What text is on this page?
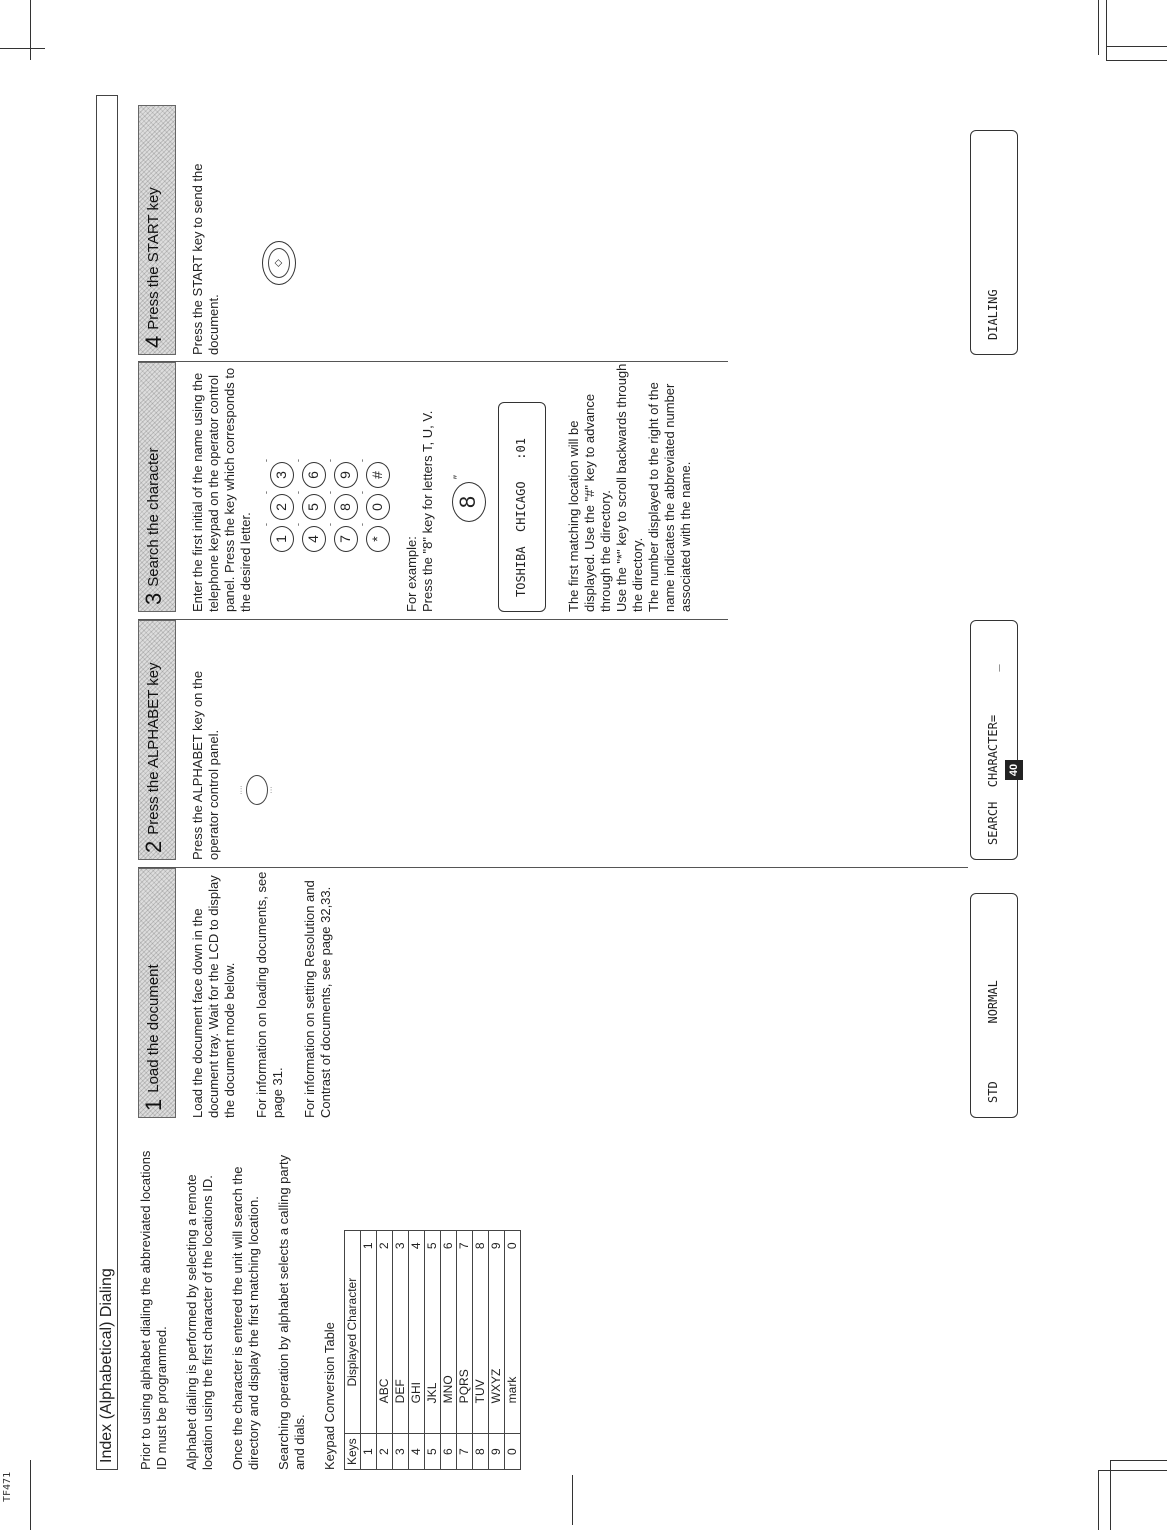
TF471
Index (Alphabetical) Dialing Prior to using alphabet dialing the abbreviated locations ID must be programmed. Alphabet dialing is performed by selecting a remote location using the first character of the locations ID. Once the character is entered the unit will search the directory and display the first matching location. Searching operation by alphabet selects a calling party and dials. Keypad Conversion Table Keys	Displayed Character	
1		1
2	ABC	2
3	DEF	3
4	GHI	4
5	JKL	5
6	MNO	6
7	PQRS	7
8	TUV	8
9	WXYZ	9
0	mark	0
1
Load the document Load the document face down in the document tray. Wait for the LCD to display the document mode below. For information on loading documents, see page 31. For information on setting Resolution and Contrast of documents, see page 32,33.
2
Press the ALPHABET key Press the ALPHABET key on the operator control panel. ····	···
3
Search the character Enter the first initial of the name using the telephone keypad on the operator control panel. Press the key which corresponds to the desired letter. 1
ˉ
2
ˉ
3
ˉ
4
ˉ
5
ˉ
6
ˉ
7
ˉ
8
ˉ
9
ˉ
*
ˉ
0
ˉ
#
ˉ
For example:
Press the "8" key for letters T, U, V.
8
″	TOSHIBA  CHICAGO   :01
The first matching location will be displayed. Use the "#" key to advance through the directory.
Use the "*" key to scroll backwards through the directory.
The number displayed to the right of the name indicates the abbreviated number associated with the name.
4
Press the START key Press the START key to send the document.
◇
STD        NORMAL
SEARCH  CHARACTER=      _
DIALING
40
